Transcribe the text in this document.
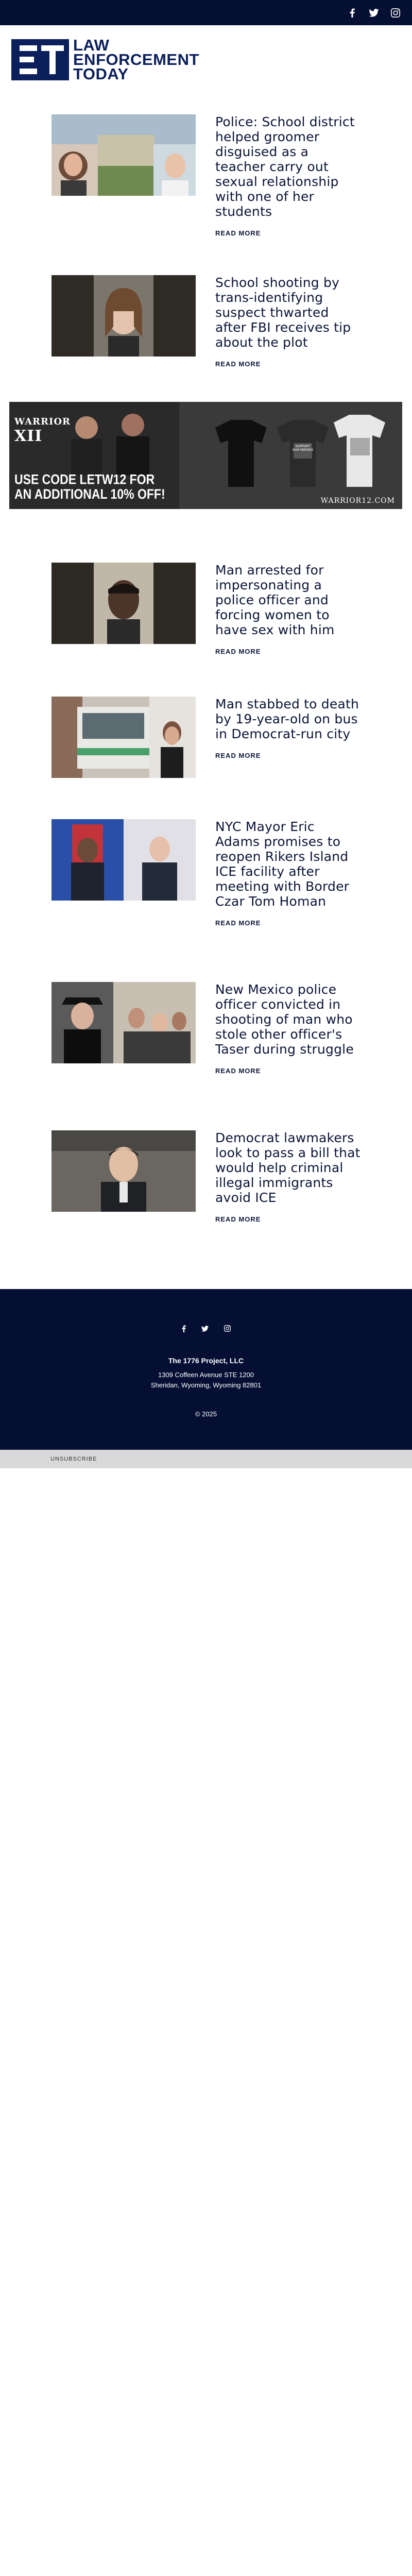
LAW
ENFORCEMENT
TODAY
Police: School district helped groomer disguised as a teacher carry out sexual relationship with one of her students
READ MORE
School shooting by trans-identifying suspect thwarted after FBI receives tip about the plot
READ MORE
WARRIOR
XII
USE CODE LETW12 FOR
AN ADDITIONAL 10% OFF!
SUPPORT OUR HEROES
WARRIOR12.COM
Man arrested for impersonating a police officer and forcing women to have sex with him
READ MORE
Man stabbed to death by 19-year-old on bus in Democrat-run city
READ MORE
NYC Mayor Eric Adams promises to reopen Rikers Island ICE facility after meeting with Border Czar Tom Homan
READ MORE
New Mexico police officer convicted in shooting of man who stole other officer's Taser during struggle
READ MORE
Democrat lawmakers look to pass a bill that would help criminal illegal immigrants avoid ICE
READ MORE
The 1776 Project, LLC
1309 Coffeen Avenue STE 1200
Sheridan, Wyoming, Wyoming 82801
© 2025
UNSUBSCRIBE
